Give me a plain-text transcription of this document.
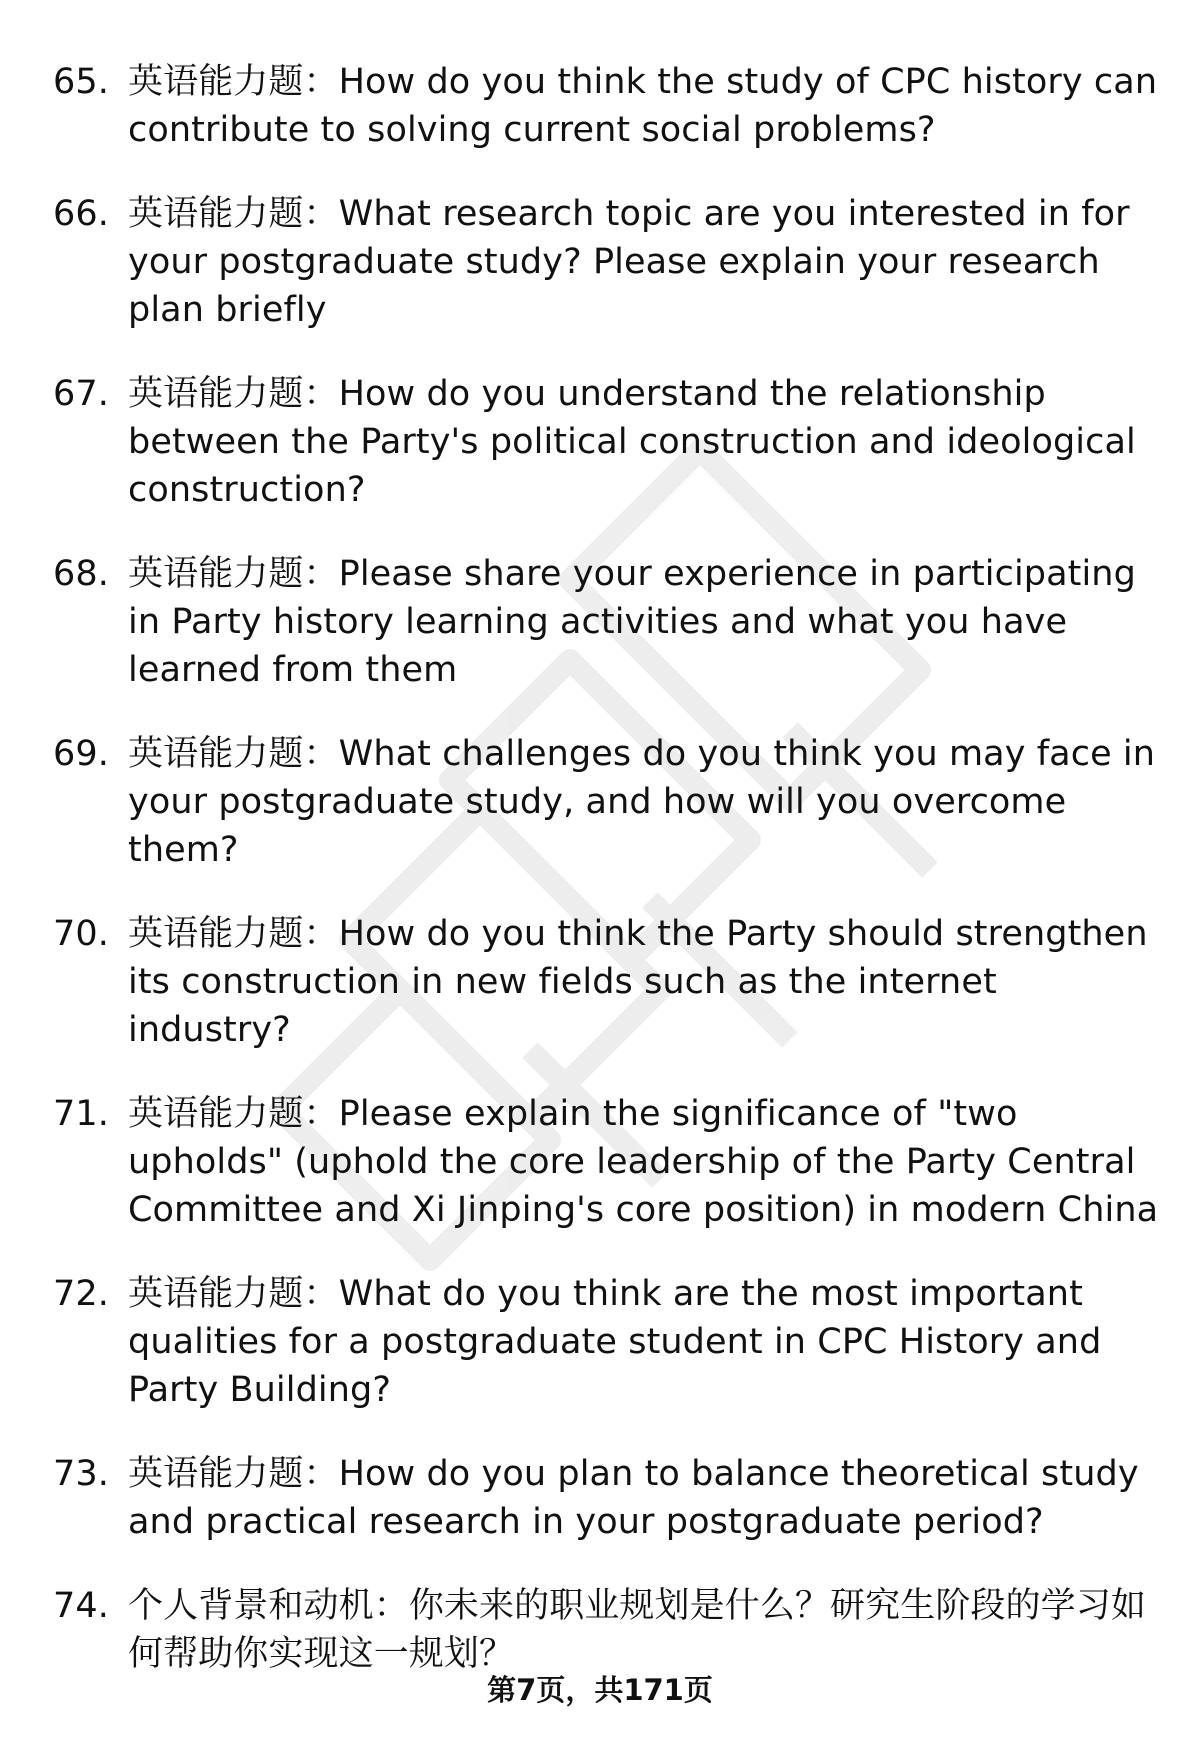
65. 英语能力题：How do you think the study of CPC history can contribute to solving current social problems?
66. 英语能力题：What research topic are you interested in for your postgraduate study? Please explain your research plan briefly
67. 英语能力题：How do you understand the relationship between the Party's political construction and ideological construction?
68. 英语能力题：Please share your experience in participating in Party history learning activities and what you have learned from them
69. 英语能力题：What challenges do you think you may face in your postgraduate study, and how will you overcome them?
70. 英语能力题：How do you think the Party should strengthen its construction in new fields such as the internet industry?
71. 英语能力题：Please explain the significance of "two upholds" (uphold the core leadership of the Party Central Committee and Xi Jinping's core position) in modern China
72. 英语能力题：What do you think are the most important qualities for a postgraduate student in CPC History and Party Building?
73. 英语能力题：How do you plan to balance theoretical study and practical research in your postgraduate period?
74. 个人背景和动机：你未来的职业规划是什么？研究生阶段的学习如何帮助你实现这一规划？
第7页，共171页
